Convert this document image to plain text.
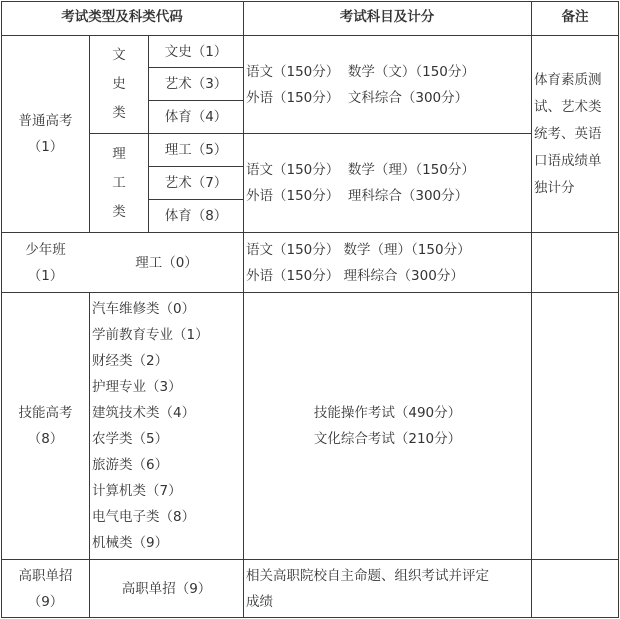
考试类型及科类代码	考试科目及计分	备注
普通高考
（1）
文
史
类
文史（1）
艺术（3）
体育（4）
语文（150分）  数学（文）（150分）
外语（150分）  文科综合（300分）
理
工
类
理工（5）
艺术（7）
体育（8）
语文（150分）  数学（理）（150分）
外语（150分）  理科综合（300分）
体育素质测
试、艺术类
统考、英语
口语成绩单
独计分
少年班
（1）
理工（0）
语文（150分） 数学（理）（150分）
外语（150分） 理科综合（300分）
技能高考
（8）
汽车维修类（0）
学前教育专业（1）
财经类（2）
护理专业（3）
建筑技术类（4）
农学类（5）
旅游类（6）
计算机类（7）
电气电子类（8）
机械类（9）
技能操作考试（490分）
文化综合考试（210分）
高职单招
（9）
高职单招（9）
相关高职院校自主命题、组织考试并评定
成绩
